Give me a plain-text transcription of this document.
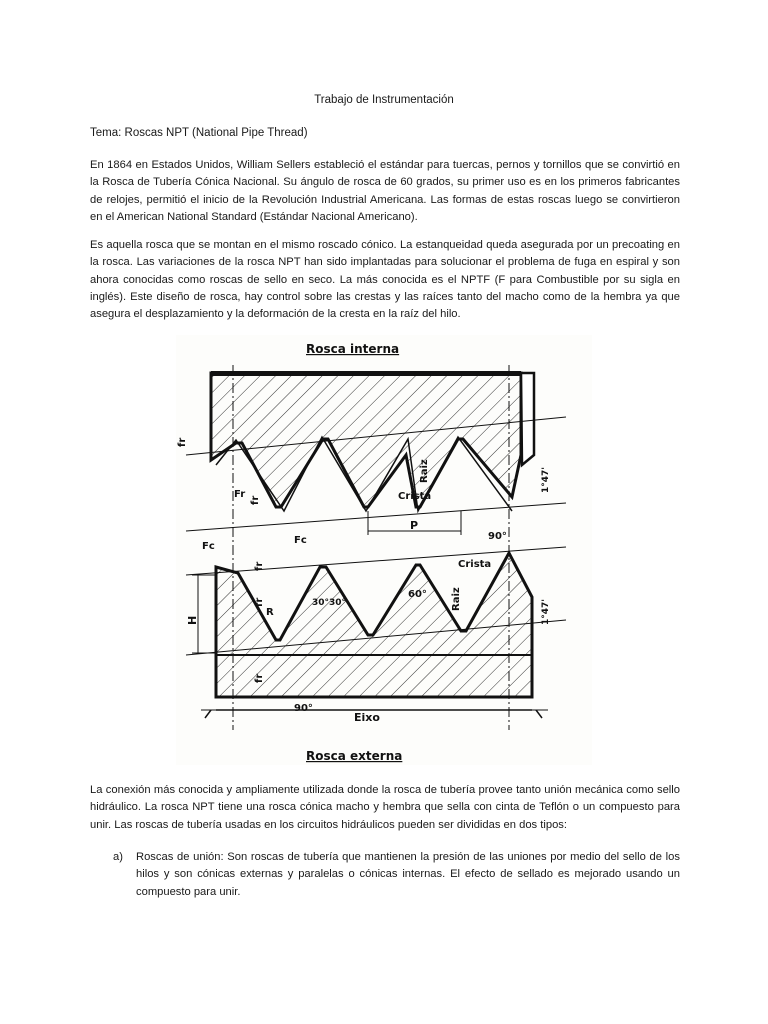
Trabajo de Instrumentación
Tema: Roscas NPT (National Pipe Thread)

En 1864 en Estados Unidos, William Sellers estableció el estándar para tuercas, pernos y tornillos que se convirtió en la Rosca de Tubería Cónica Nacional. Su ángulo de rosca de 60 grados, su primer uso es en los primeros fabricantes de relojes, permitió el inicio de la Revolución Industrial Americana. Las formas de estas roscas luego se convirtieron en el American National Standard (Estándar Nacional Americano).

Es aquella rosca que se montan en el mismo roscado cónico. La estanqueidad queda asegurada por un precoating en la rosca. Las variaciones de la rosca NPT han sido implantadas para solucionar el problema de fuga en espiral y son ahora conocidas como roscas de sello en seco. La más conocida es el NPTF (F para Combustible por su sigla en inglés). Este diseño de rosca, hay control sobre las crestas y las raíces tanto del macho como de la hembra ya que asegura el desplazamiento y la deformación de la cresta en la raíz del hilo.

Rosca interna
Rosca externa
fr
Fr
fr
Raiz
Crista
1°47'
P
90°
Fc
Fc
fr
H
fr
R
30°30°
60°
Crista
Raiz	1°47'
fr
90°
Eixo

La conexión más conocida y ampliamente utilizada donde la rosca de tubería provee tanto unión mecánica como sello hidráulico. La rosca NPT tiene una rosca cónica macho y hembra que sella con cinta de Teflón o un compuesto para unir. Las roscas de tubería usadas en los circuitos hidráulicos pueden ser divididas en dos tipos:

a) Roscas de unión: Son roscas de tubería que mantienen la presión de las uniones por medio del sello de los hilos y son cónicas externas y paralelas o cónicas internas. El efecto de sellado es mejorado usando un compuesto para unir.
